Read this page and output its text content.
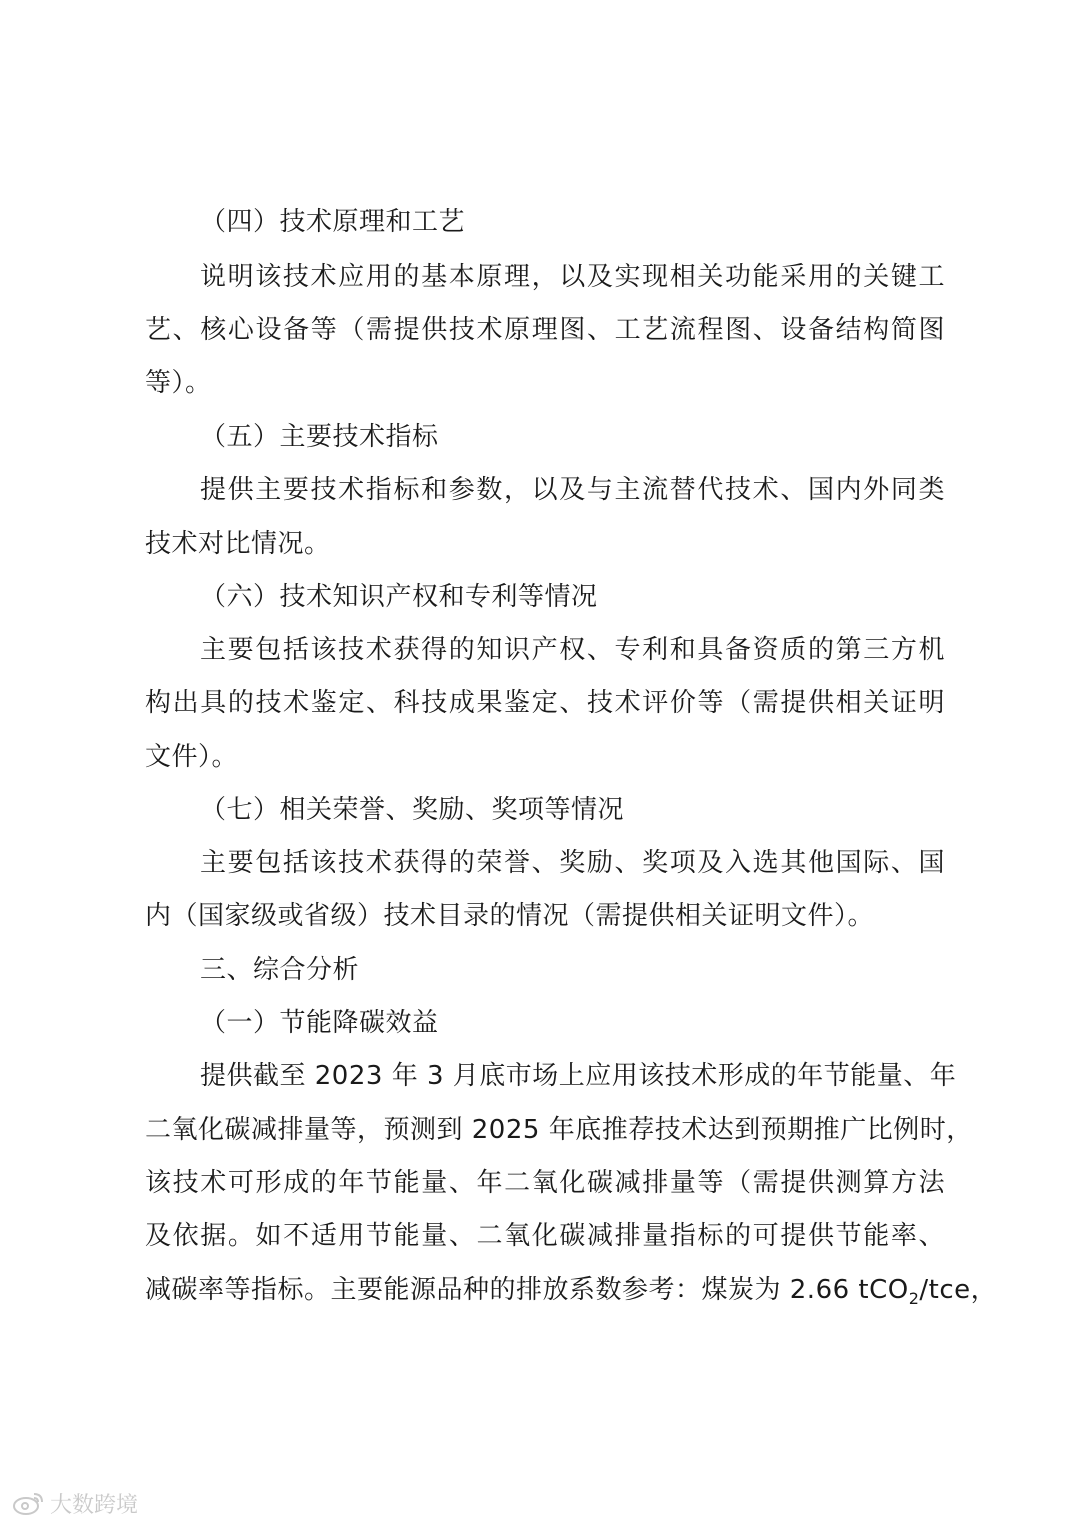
（四）技术原理和工艺
说明该技术应用的基本原理，以及实现相关功能采用的关键工
艺、核心设备等（需提供技术原理图、工艺流程图、设备结构简图
等）。
（五）主要技术指标
提供主要技术指标和参数，以及与主流替代技术、国内外同类
技术对比情况。
（六）技术知识产权和专利等情况
主要包括该技术获得的知识产权、专利和具备资质的第三方机
构出具的技术鉴定、科技成果鉴定、技术评价等（需提供相关证明
文件）。
（七）相关荣誉、奖励、奖项等情况
主要包括该技术获得的荣誉、奖励、奖项及入选其他国际、国
内（国家级或省级）技术目录的情况（需提供相关证明文件）。
三、综合分析
（一）节能降碳效益
提供截至 2023 年 3 月底市场上应用该技术形成的年节能量、年
二氧化碳减排量等，预测到 2025 年底推荐技术达到预期推广比例时，
该技术可形成的年节能量、年二氧化碳减排量等（需提供测算方法
及依据。如不适用节能量、二氧化碳减排量指标的可提供节能率、
减碳率等指标。主要能源品种的排放系数参考：煤炭为 2.66 tCO$_2$/tce，
大数跨境
